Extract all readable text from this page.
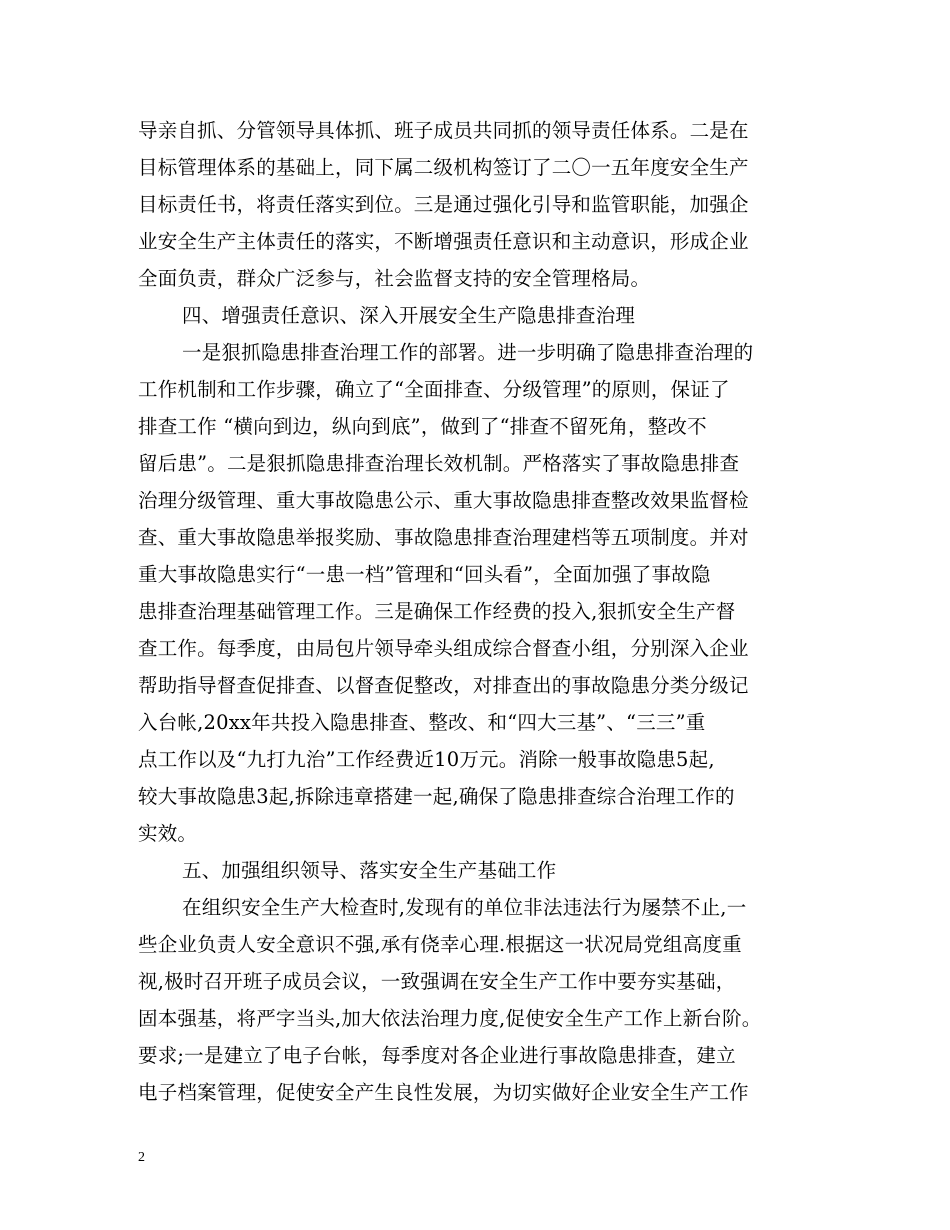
导亲自抓、分管领导具体抓、班子成员共同抓的领导责任体系。二是在
目标管理体系的基础上，同下属二级机构签订了二〇一五年度安全生产
目标责任书，将责任落实到位。三是通过强化引导和监管职能，加强企
业安全生产主体责任的落实，不断增强责任意识和主动意识，形成企业
全面负责，群众广泛参与，社会监督支持的安全管理格局。
四、增强责任意识、深入开展安全生产隐患排查治理
一是狠抓隐患排查治理工作的部署。进一步明确了隐患排查治理的
工作机制和工作步骤，确立了“全面排查、分级管理”的原则，保证了
排查工作 “横向到边，纵向到底”，做到了“排查不留死角，整改不
留后患”。二是狠抓隐患排查治理长效机制。严格落实了事故隐患排查
治理分级管理、重大事故隐患公示、重大事故隐患排查整改效果监督检
查、重大事故隐患举报奖励、事故隐患排查治理建档等五项制度。并对
重大事故隐患实行“一患一档”管理和“回头看”，全面加强了事故隐
患排查治理基础管理工作。三是确保工作经费的投入,狠抓安全生产督
查工作。每季度，由局包片领导牵头组成综合督查小组，分别深入企业
帮助指导督查促排查、以督查促整改，对排查出的事故隐患分类分级记
入台帐,20xx年共投入隐患排查、整改、和“四大三基”、“三三”重
点工作以及“九打九治”工作经费近10万元。消除一般事故隐患5起,
较大事故隐患3起,拆除违章搭建一起,确保了隐患排查综合治理工作的
实效。
五、加强组织领导、落实安全生产基础工作
在组织安全生产大检查时,发现有的单位非法违法行为屡禁不止,一
些企业负责人安全意识不强,承有侥幸心理.根据这一状况局党组高度重
视,极时召开班子成员会议，一致强调在安全生产工作中要夯实基础，
固本强基，将严字当头,加大依法治理力度,促使安全生产工作上新台阶。
要求;一是建立了电子台帐，每季度对各企业进行事故隐患排查，建立
电子档案管理，促使安全产生良性发展，为切实做好企业安全生产工作
2
